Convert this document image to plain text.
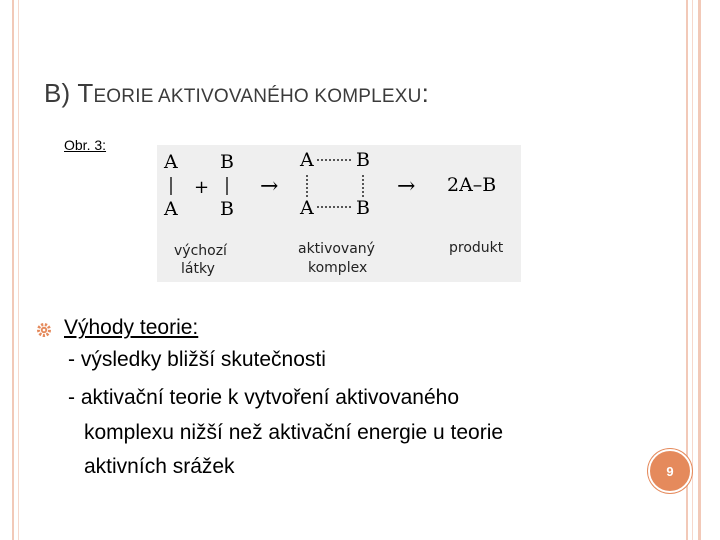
B) TEORIE AKTIVOVANÉHO KOMPLEXU:
Obr. 3:
A B
+
A B
→
A B
A B
→ 2A–B
výchozí
látky
aktivovaný
komplex
produkt
Výhody teorie:
- výsledky bližší skutečnosti
- aktivační teorie k vytvoření aktivovaného
komplexu nižší než aktivační energie u teorie
aktivních srážek	9
